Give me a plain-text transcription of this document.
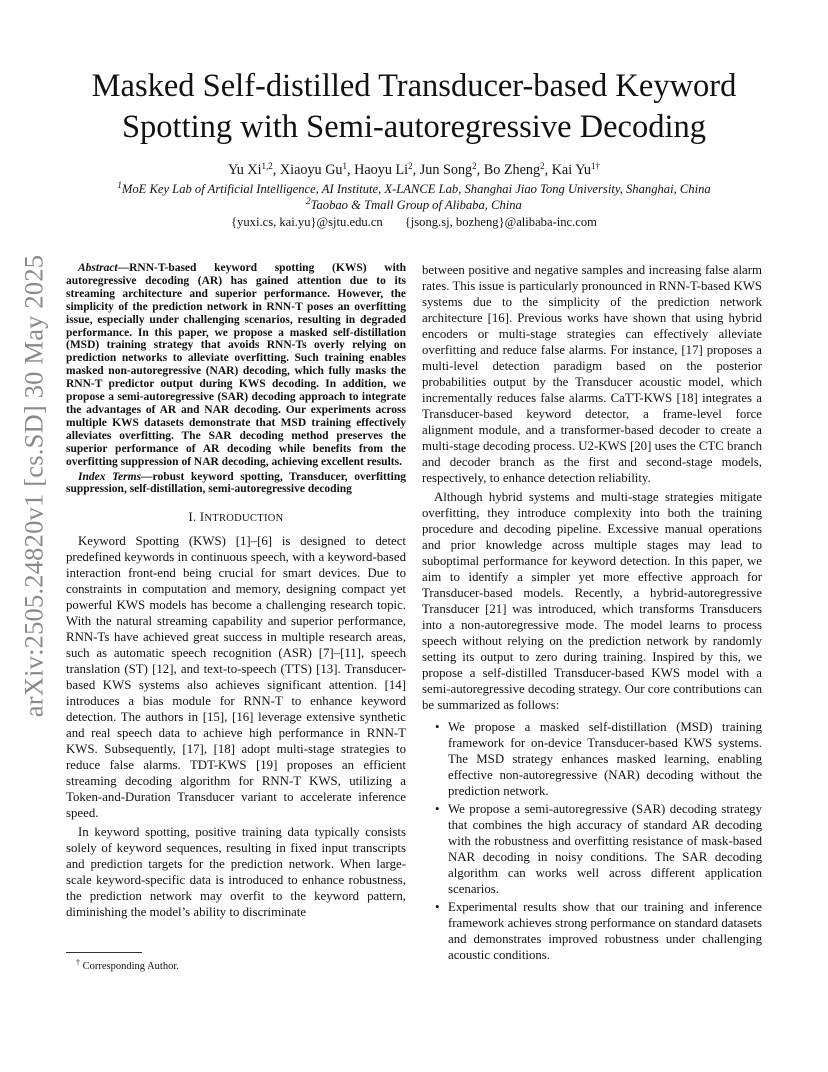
arXiv:2505.24820v1 [cs.SD] 30 May 2025
Masked Self-distilled Transducer-based Keyword
Spotting with Semi-autoregressive Decoding
Yu Xi$^{1,2}$, Xiaoyu Gu$^1$, Haoyu Li$^2$, Jun Song$^2$, Bo Zheng$^2$, Kai $Yu^{1\dagger}$
$^1$MoE Key Lab of Artificial Intelligence, AI Institute, X-LANCE Lab, Shanghai Jiao Tong University, Shanghai, China
$^2$Taobao & Tmall Group of Alibaba, China
{yuxi.cs, kai.yu}@sjtu.edu.cn {jsong.sj, bozheng}@alibaba-inc.com

Abstract—RNN-T-based keyword spotting (KWS) with autoregressive decoding (AR) has gained attention due to its streaming architecture and superior performance. However, the simplicity of the prediction network in RNN-T poses an overfitting issue, especially under challenging scenarios, resulting in degraded performance. In this paper, we propose a masked self-distillation (MSD) training strategy that avoids RNN-Ts overly relying on prediction networks to alleviate overfitting. Such training enables masked non-autoregressive (NAR) decoding, which fully masks the RNN-T predictor output during KWS decoding. In addition, we propose a semi-autoregressive (SAR) decoding approach to integrate the advantages of AR and NAR decoding. Our experiments across multiple KWS datasets demonstrate that MSD training effectively alleviates overfitting. The SAR decoding method preserves the superior performance of AR decoding while benefits from the overfitting suppression of NAR decoding, achieving excellent results.

Index Terms—robust keyword spotting, Transducer, overfitting suppression, self-distillation, semi-autoregressive decoding

I. INTRODUCTION

Keyword Spotting (KWS) [1]–[6] is designed to detect predefined keywords in continuous speech, with a keyword-based interaction front-end being crucial for smart devices. Due to constraints in computation and memory, designing compact yet powerful KWS models has become a challenging research topic. With the natural streaming capability and superior performance, RNN-Ts have achieved great success in multiple research areas, such as automatic speech recognition (ASR) [7]–[11], speech translation (ST) [12], and text-to-speech (TTS) [13]. Transducer-based KWS systems also achieves significant attention. [14] introduces a bias module for RNN-T to enhance keyword detection. The authors in [15], [16] leverage extensive synthetic and real speech data to achieve high performance in RNN-T KWS. Subsequently, [17], [18] adopt multi-stage strategies to reduce false alarms. TDT-KWS [19] proposes an efficient streaming decoding algorithm for RNN-T KWS, utilizing a Token-and-Duration Transducer variant to accelerate inference speed.

In keyword spotting, positive training data typically consists solely of keyword sequences, resulting in fixed input transcripts and prediction targets for the prediction network. When large-scale keyword-specific data is introduced to enhance robustness, the prediction network may overfit to the keyword pattern, diminishing the model’s ability to discriminate

between positive and negative samples and increasing false alarm rates. This issue is particularly pronounced in RNN-T-based KWS systems due to the simplicity of the prediction network architecture [16]. Previous works have shown that using hybrid encoders or multi-stage strategies can effectively alleviate overfitting and reduce false alarms. For instance, [17] proposes a multi-level detection paradigm based on the posterior probabilities output by the Transducer acoustic model, which incrementally reduces false alarms. CaTT-KWS [18] integrates a Transducer-based keyword detector, a frame-level force alignment module, and a transformer-based decoder to create a multi-stage decoding process. U2-KWS [20] uses the CTC branch and decoder branch as the first and second-stage models, respectively, to enhance detection reliability.

Although hybrid systems and multi-stage strategies mitigate overfitting, they introduce complexity into both the training procedure and decoding pipeline. Excessive manual operations and prior knowledge across multiple stages may lead to suboptimal performance for keyword detection. In this paper, we aim to identify a simpler yet more effective approach for Transducer-based models. Recently, a hybrid-autoregressive Transducer [21] was introduced, which transforms Transducers into a non-autoregressive mode. The model learns to process speech without relying on the prediction network by randomly setting its output to zero during training. Inspired by this, we propose a self-distilled Transducer-based KWS model with a semi-autoregressive decoding strategy. Our core contributions can be summarized as follows:

• We propose a masked self-distillation (MSD) training framework for on-device Transducer-based KWS systems. The MSD strategy enhances masked learning, enabling effective non-autoregressive (NAR) decoding without the prediction network.
• We propose a semi-autoregressive (SAR) decoding strategy that combines the high accuracy of standard AR decoding with the robustness and overfitting resistance of mask-based NAR decoding in noisy conditions. The SAR decoding algorithm can works well across different application scenarios.
• Experimental results show that our training and inference framework achieves strong performance on standard datasets and demonstrates improved robustness under challenging acoustic conditions.
† Corresponding Author.
